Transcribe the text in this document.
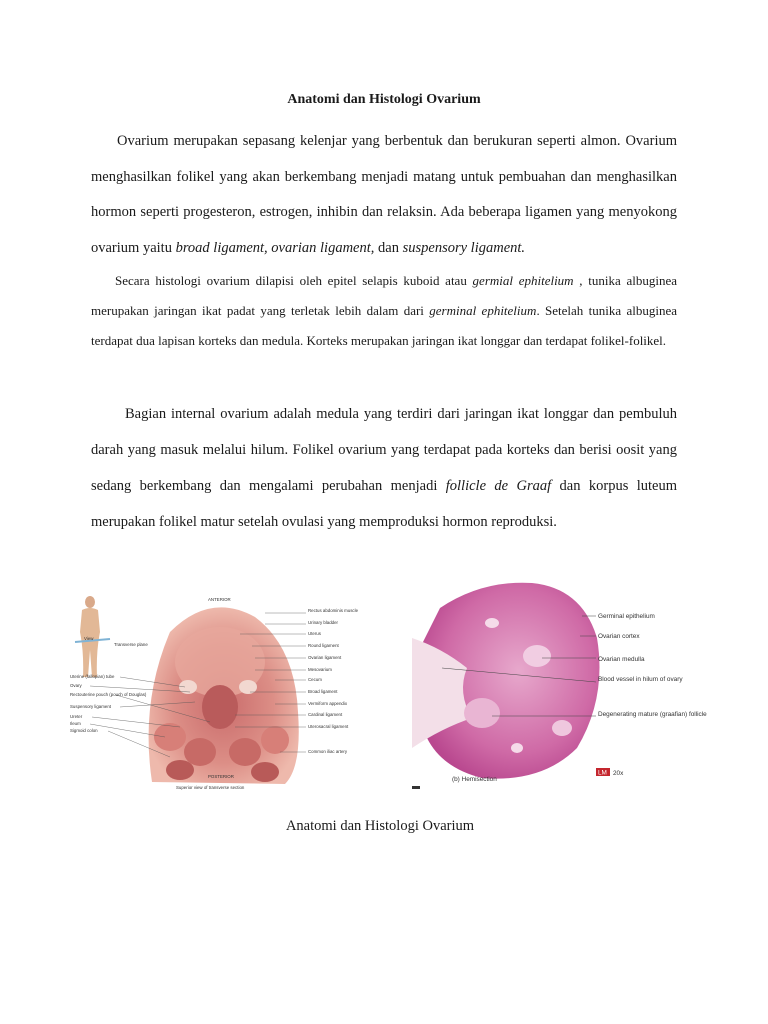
Anatomi dan Histologi Ovarium
Ovarium merupakan sepasang kelenjar yang berbentuk dan berukuran seperti almon. Ovarium menghasilkan folikel yang akan berkembang menjadi matang untuk pembuahan dan menghasilkan hormon seperti progesteron, estrogen, inhibin dan relaksin. Ada beberapa ligamen yang menyokong ovarium yaitu broad ligament, ovarian ligament, dan suspensory ligament.
Secara histologi ovarium dilapisi oleh epitel selapis kuboid atau germial ephitelium , tunika albuginea merupakan jaringan ikat padat yang terletak lebih dalam dari germinal ephitelium. Setelah tunika albuginea terdapat dua lapisan korteks dan medula. Korteks merupakan jaringan ikat longgar dan terdapat folikel-folikel.
Bagian internal ovarium adalah medula yang terdiri dari jaringan ikat longgar dan pembuluh darah yang masuk melalui hilum. Folikel ovarium yang terdapat pada korteks dan berisi oosit yang sedang berkembang dan mengalami perubahan menjadi follicle de Graaf dan korpus luteum merupakan folikel matur setelah ovulasi yang memproduksi hormon reproduksi.
View
Transverse plane
ANTERIOR
POSTERIOR
Superior view of transverse section
Rectus abdominis muscle
Urinary bladder
Uterus
Round ligament
Ovarian ligament
Mesovarium
Cecum
Broad ligament
Vermiform appendix
Cardinal ligament
Uterosacral ligament
Common iliac artery
Uterine (fallopian) tube
Ovary
Rectouterine pouch (pouch of Douglas)
Suspensory ligament
Ureter
Ileum
Sigmoid colon
Germinal epithelium
Ovarian cortex
Ovarian medulla
Blood vessel in hilum of ovary
Degenerating mature (graafian) follicle
LM 20x
(b) Hemisection
Anatomi dan Histologi Ovarium
